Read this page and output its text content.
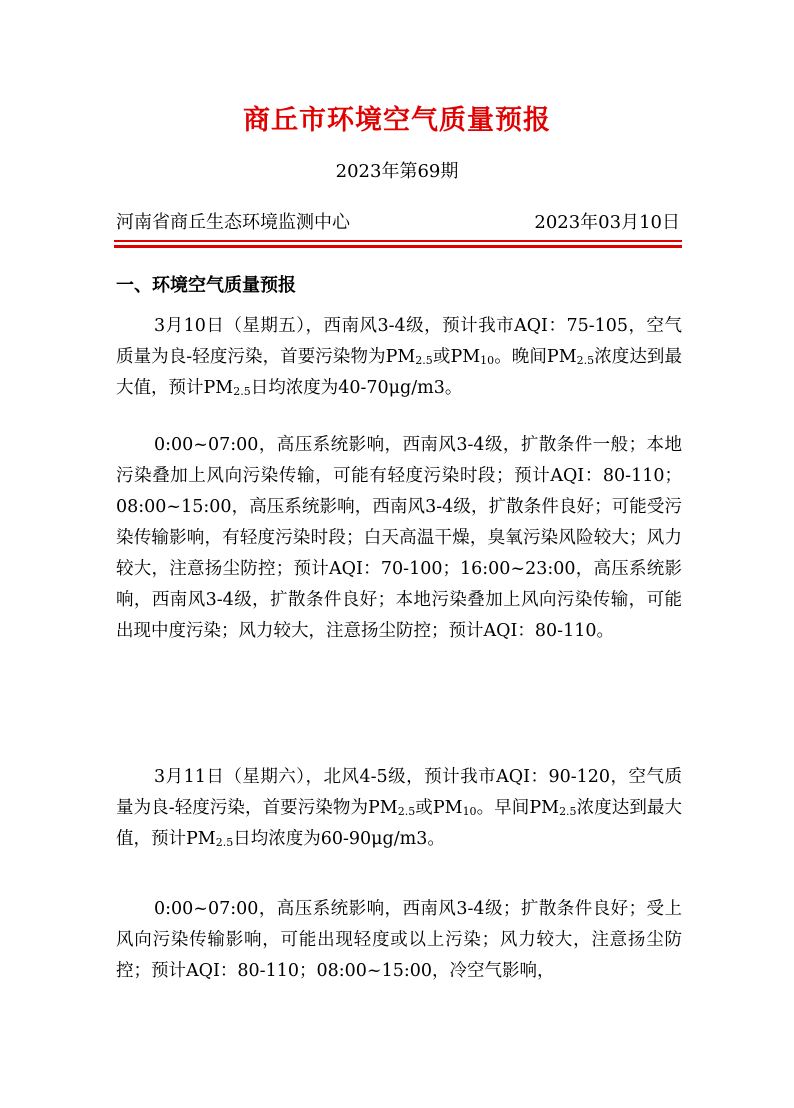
商丘市环境空气质量预报
2023年第69期
河南省商丘生态环境监测中心	2023年03月10日
一、环境空气质量预报
3月10日（星期五），西南风3-4级，预计我市AQI：75-105，空气质量为良-轻度污染，首要污染物为$PM_{2.5}$或$PM_{10}$。晚间$PM_{2.5}$浓度达到最大值，预计$PM_{2.5}$日均浓度为40-70μg/m3。
0:00~07:00，高压系统影响，西南风3-4级，扩散条件一般；本地污染叠加上风向污染传输，可能有轻度污染时段；预计AQI：80-110；08:00~15:00，高压系统影响，西南风3-4级，扩散条件良好；可能受污染传输影响，有轻度污染时段；白天高温干燥，臭氧污染风险较大；风力较大，注意扬尘防控；预计AQI：70-100；16:00~23:00，高压系统影响，西南风3-4级，扩散条件良好；本地污染叠加上风向污染传输，可能出现中度污染；风力较大，注意扬尘防控；预计AQI：80-110。
3月11日（星期六），北风4-5级，预计我市AQI：90-120，空气质量为良-轻度污染，首要污染物为$PM_{2.5}$或$PM_{10}$。早间$PM_{2.5}$浓度达到最大值，预计$PM_{2.5}$日均浓度为60-90μg/m3。
0:00~07:00，高压系统影响，西南风3-4级；扩散条件良好；受上风向污染传输影响，可能出现轻度或以上污染；风力较大，注意扬尘防控；预计AQI：80-110；08:00~15:00，冷空气影响，
